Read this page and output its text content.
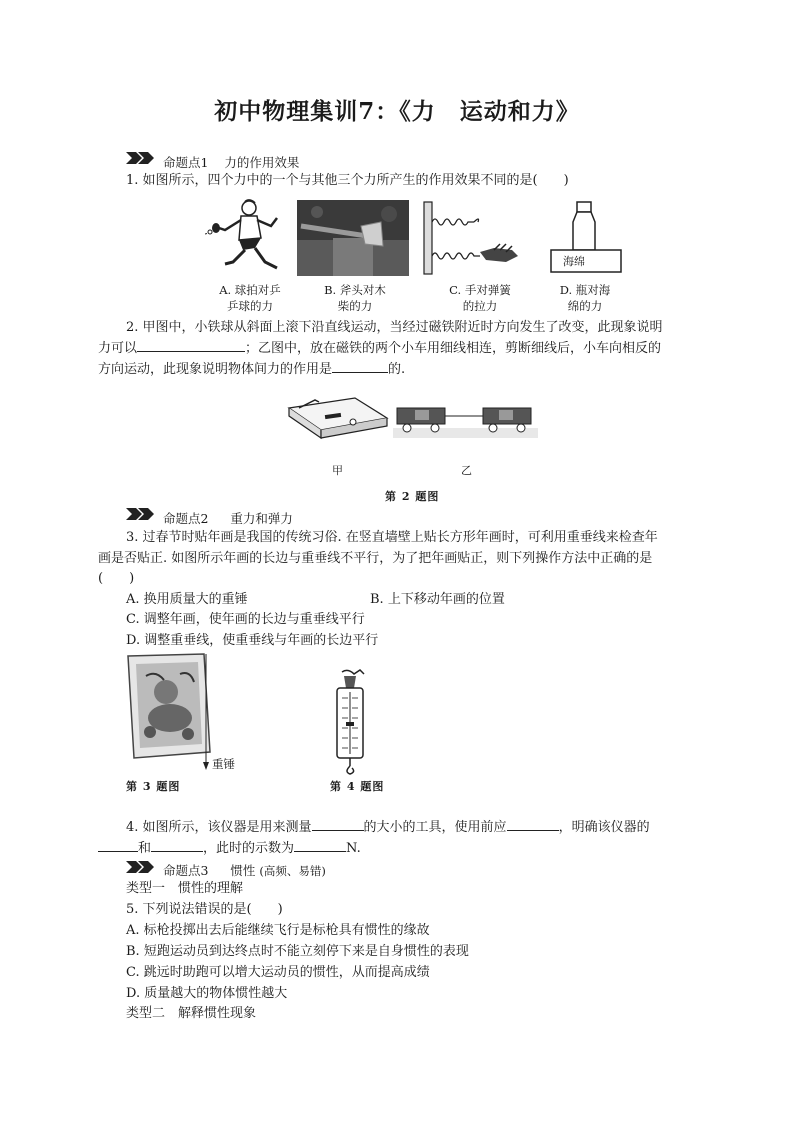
初中物理集训7：《力　运动和力》
命题点1 力的作用效果
1. 如图所示，四个力中的一个与其他三个力所产生的作用效果不同的是(　　)
海绵
A. 球拍对乒
乒球的力
B. 斧头对木
柴的力
C. 手对弹簧
的拉力
D. 瓶对海
绵的力
2. 甲图中，小铁球从斜面上滚下沿直线运动，当经过磁铁附近时方向发生了改变，此现象说明
力可以	；乙图中，放在磁铁的两个小车用细线相连，剪断细线后，小车向相反的
方向运动，此现象说明物体间力的作用是	的.
甲	乙
第 2 题图
命题点2 重力和弹力
3. 过春节时贴年画是我国的传统习俗. 在竖直墙壁上贴长方形年画时，可利用重垂线来检查年
画是否贴正. 如图所示年画的长边与重垂线不平行，为了把年画贴正，则下列操作方法中正确的是
(　　)
A. 换用质量大的重锤	B. 上下移动年画的位置
C. 调整年画，使年画的长边与重垂线平行
D. 调整重垂线，使重垂线与年画的长边平行
重锤
第 3 题图	第 4 题图
4. 如图所示，该仪器是用来测量	的大小的工具，使用前应	，明确该仪器的
和	，此时的示数为	N.
命题点3 惯性 (高频、易错)
类型一　惯性的理解
5. 下列说法错误的是(　　)
A. 标枪投掷出去后能继续飞行是标枪具有惯性的缘故
B. 短跑运动员到达终点时不能立刻停下来是自身惯性的表现
C. 跳远时助跑可以增大运动员的惯性，从而提高成绩
D. 质量越大的物体惯性越大
类型二　解释惯性现象
